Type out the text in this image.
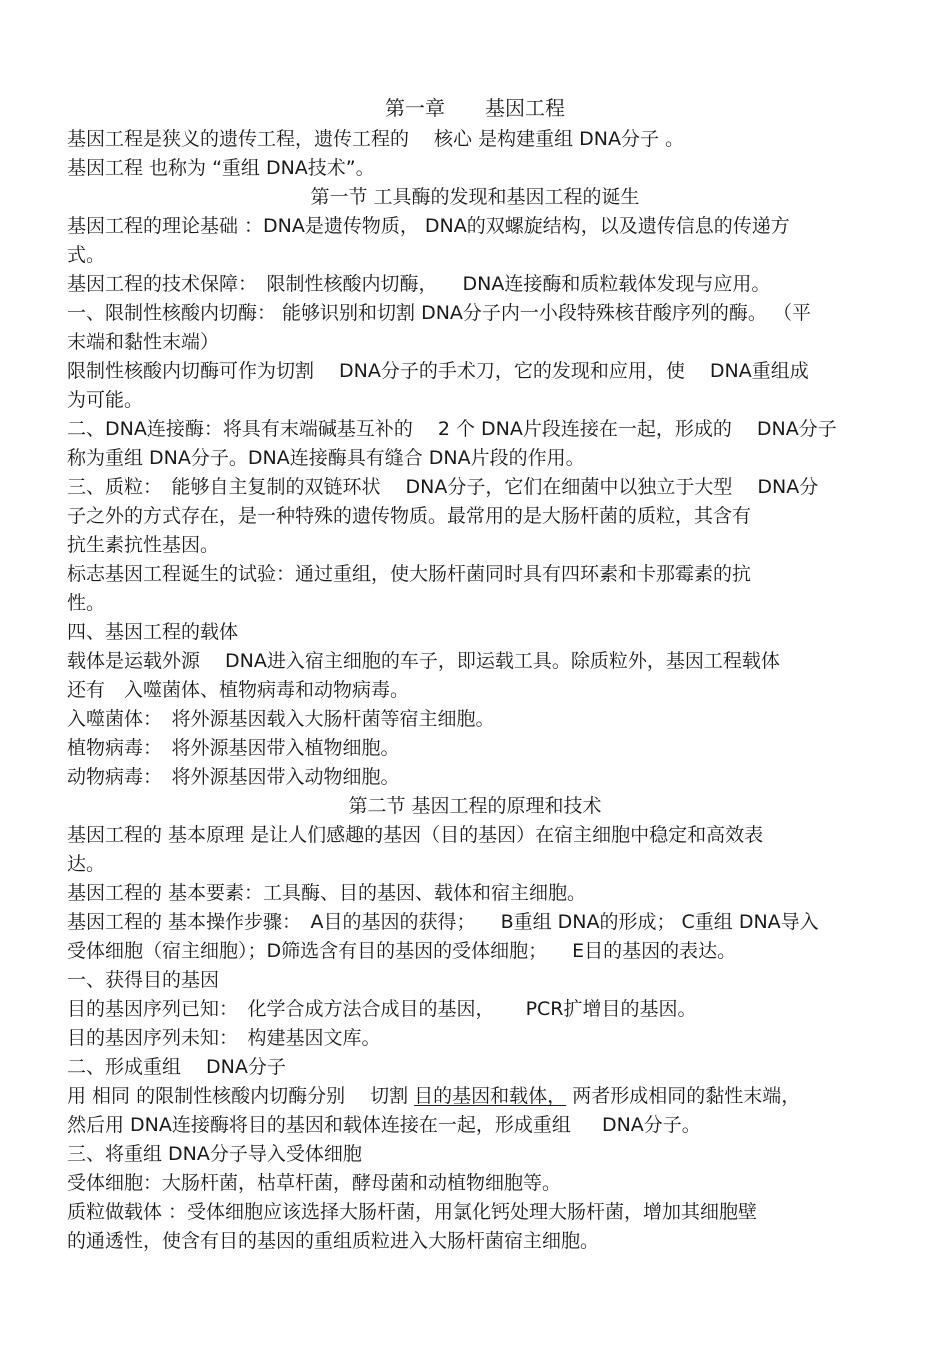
第一章　　基因工程
基因工程是狭义的遗传工程，遗传工程的　 核心 是构建重组 DNA分子 。
基因工程 也称为 “重组 DNA技术”。
第一节 工具酶的发现和基因工程的诞生
基因工程的理论基础 ：DNA是遗传物质， DNA的双螺旋结构，以及遗传信息的传递方
式。
基因工程的技术保障：　限制性核酸内切酶， 　DNA连接酶和质粒载体发现与应用。
一、限制性核酸内切酶： 能够识别和切割 DNA分子内一小段特殊核苷酸序列的酶。 （平
末端和黏性末端）
限制性核酸内切酶可作为切割 　DNA分子的手术刀，它的发现和应用，使　 DNA重组成
为可能。
二、DNA连接酶：将具有末端碱基互补的 　2 个 DNA片段连接在一起，形成的 　DNA分子
称为重组 DNA分子。DNA连接酶具有缝合 DNA片段的作用。
三、质粒：　能够自主复制的双链环状 　DNA分子，它们在细菌中以独立于大型 　DNA分
子之外的方式存在，是一种特殊的遗传物质。最常用的是大肠杆菌的质粒，其含有
抗生素抗性基因。
标志基因工程诞生的试验：通过重组，使大肠杆菌同时具有四环素和卡那霉素的抗
性。
四、基因工程的载体
载体是运载外源 　DNA进入宿主细胞的车子，即运载工具。除质粒外，基因工程载体
还有　入噬菌体、植物病毒和动物病毒。
入噬菌体：　将外源基因载入大肠杆菌等宿主细胞。
植物病毒：　将外源基因带入植物细胞。
动物病毒：　将外源基因带入动物细胞。
第二节 基因工程的原理和技术
基因工程的 基本原理 是让人们感趣的基因（目的基因）在宿主细胞中稳定和高效表
达。
基因工程的 基本要素：工具酶、目的基因、载体和宿主细胞。
基因工程的 基本操作步骤：　A目的基因的获得； 　B重组 DNA的形成； C重组 DNA导入
受体细胞（宿主细胞）；D筛选含有目的基因的受体细胞； 　E目的基因的表达。
一、获得目的基因
目的基因序列已知：　化学合成方法合成目的基因， 　 PCR扩增目的基因。
目的基因序列未知：　构建基因文库。
二、形成重组 　DNA分子
用 相同 的限制性核酸内切酶分别 　切割 目的基因和载体， 两者形成相同的黏性末端，
然后用 DNA连接酶将目的基因和载体连接在一起，形成重组 　 DNA分子。
三、将重组 DNA分子导入受体细胞
受体细胞：大肠杆菌，枯草杆菌，酵母菌和动植物细胞等。
质粒做载体 ：受体细胞应该选择大肠杆菌，用氯化钙处理大肠杆菌，增加其细胞壁
的通透性，使含有目的基因的重组质粒进入大肠杆菌宿主细胞。
